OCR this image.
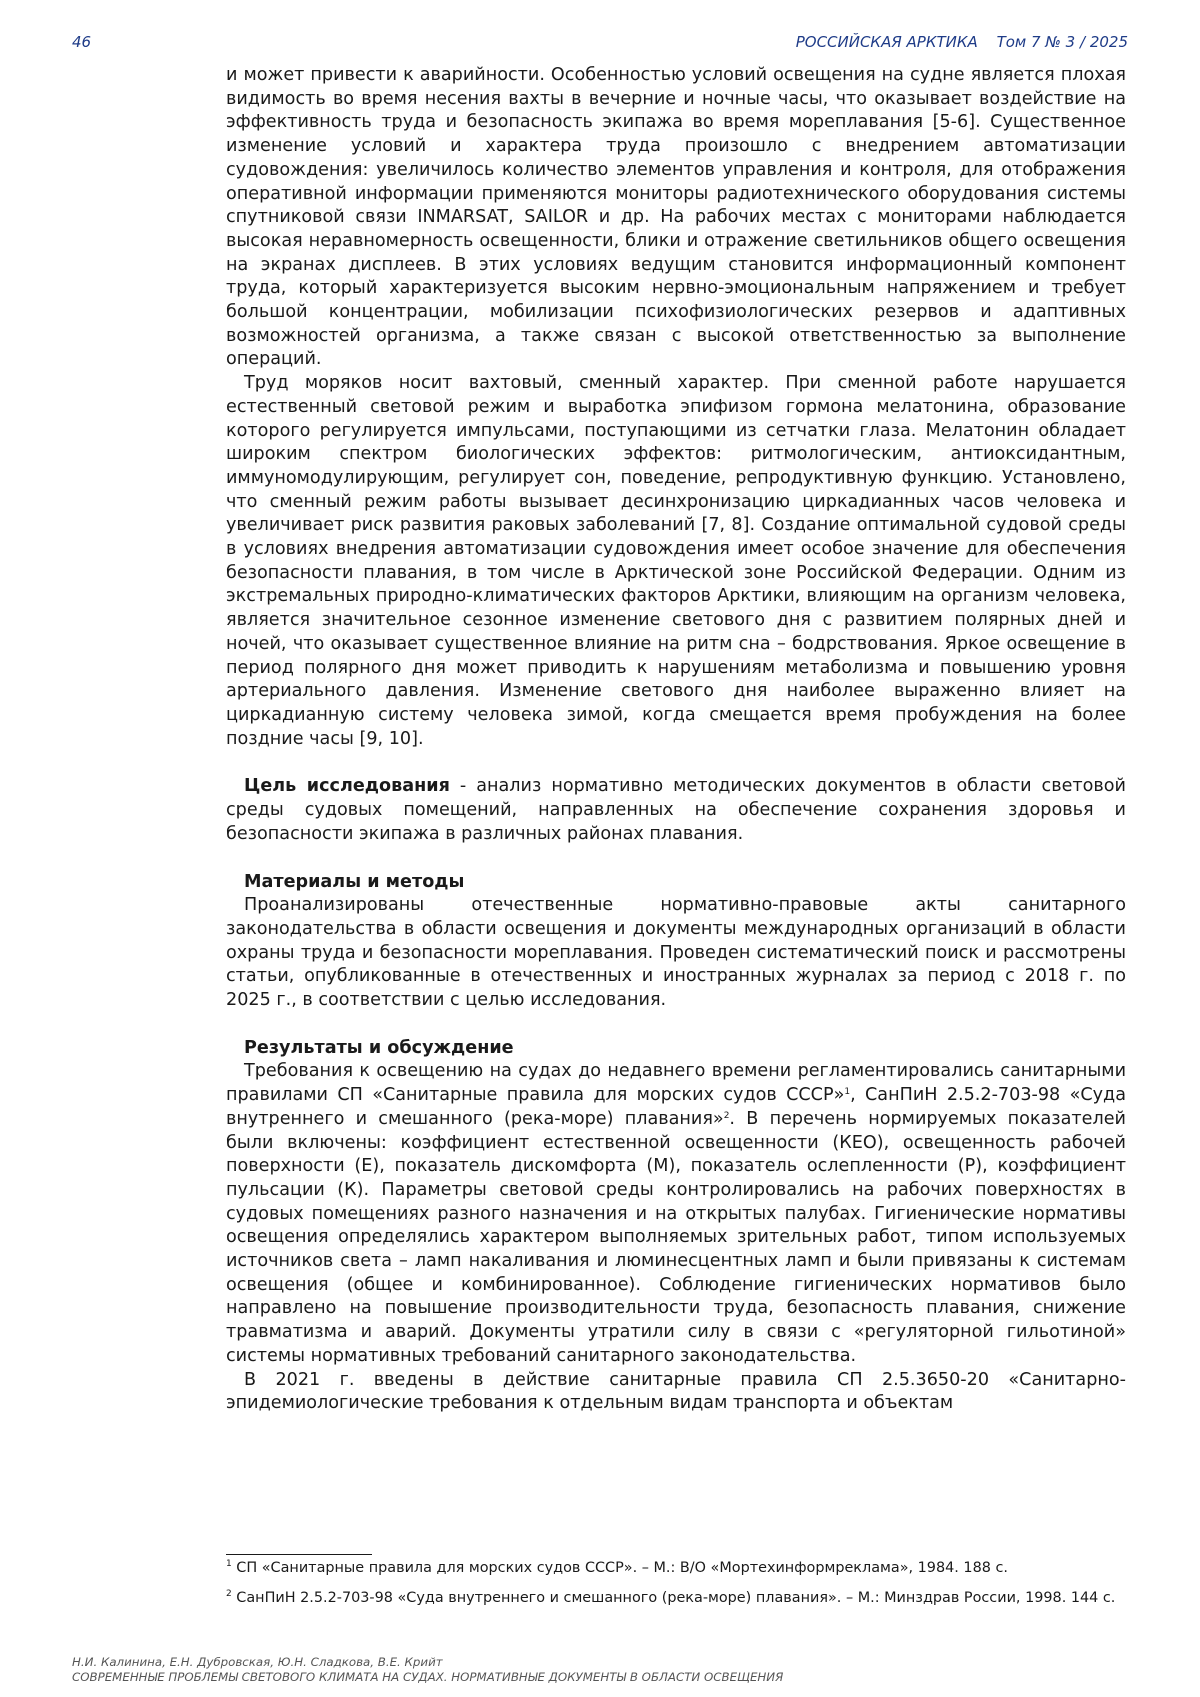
46	РОССИЙСКАЯ АРКТИКА Том 7 № 3 / 2025

и может привести к аварийности. Особенностью условий освещения на судне является плохая видимость во время несения вахты в вечерние и ночные часы, что оказывает воздействие на эффективность труда и безопасность экипажа во время мореплавания [5-6]. Существенное изменение условий и характера труда произошло с внедрением автоматизации судовождения: увеличилось количество элементов управления и контроля, для отображения оперативной информации применяются мониторы радиотехнического оборудования системы спутниковой связи INMARSAT, SAILOR и др. На рабочих местах с мониторами наблюдается высокая неравномерность освещенности, блики и отражение светильников общего освещения на экранах дисплеев. В этих условиях ведущим становится информационный компонент труда, который характеризуется высоким нервно-эмоциональным напряжением и требует большой концентрации, мобилизации психофизиологических резервов и адаптивных возможностей организма, а также связан с высокой ответственностью за выполнение операций.

Труд моряков носит вахтовый, сменный характер. При сменной работе нарушается естественный световой режим и выработка эпифизом гормона мелатонина, образование которого регулируется импульсами, поступающими из сетчатки глаза. Мелатонин обладает широким спектром биологических эффектов: ритмологическим, антиоксидантным, иммуномодулирующим, регулирует сон, поведение, репродуктивную функцию. Установлено, что сменный режим работы вызывает десинхронизацию циркадианных часов человека и увеличивает риск развития раковых заболеваний [7, 8]. Создание оптимальной судовой среды в условиях внедрения автоматизации судовождения имеет особое значение для обеспечения безопасности плавания, в том числе в Арктической зоне Российской Федерации. Одним из экстремальных природно-климатических факторов Арктики, влияющим на организм человека, является значительное сезонное изменение светового дня с развитием полярных дней и ночей, что оказывает существенное влияние на ритм сна – бодрствования. Яркое освещение в период полярного дня может приводить к нарушениям метаболизма и повышению уровня артериального давления. Изменение светового дня наиболее выраженно влияет на циркадианную систему человека зимой, когда смещается время пробуждения на более поздние часы [9, 10].

Цель исследования - анализ нормативно методических документов в области световой среды судовых помещений, направленных на обеспечение сохранения здоровья и безопасности экипажа в различных районах плавания.

Материалы и методы

Проанализированы отечественные нормативно-правовые акты санитарного законодательства в области освещения и документы международных организаций в области охраны труда и безопасности мореплавания. Проведен систематический поиск и рассмотрены статьи, опубликованные в отечественных и иностранных журналах за период с 2018 г. по 2025 г., в соответствии с целью исследования.

Результаты и обсуждение

Требования к освещению на судах до недавнего времени регламентировались санитарными правилами СП «Санитарные правила для морских судов СССР»$^1$, СанПиН 2.5.2-703-98 «Суда внутреннего и смешанного (река-море) плавания»$^2$. В перечень нормируемых показателей были включены: коэффициент естественной освещенности (КЕО), освещенность рабочей поверхности (Е), показатель дискомфорта (М), показатель ослепленности (Р), коэффициент пульсации (К). Параметры световой среды контролировались на рабочих поверхностях в судовых помещениях разного назначения и на открытых палубах. Гигиенические нормативы освещения определялись характером выполняемых зрительных работ, типом используемых источников света – ламп накаливания и люминесцентных ламп и были привязаны к системам освещения (общее и комбинированное). Соблюдение гигиенических нормативов было направлено на повышение производительности труда, безопасность плавания, снижение травматизма и аварий. Документы утратили силу в связи с «регуляторной гильотиной» системы нормативных требований санитарного законодательства.

В 2021 г. введены в действие санитарные правила СП 2.5.3650-20 «Санитарно-эпидемиологические требования к отдельным видам транспорта и объектам

$^1$ СП «Санитарные правила для морских судов СССР». – М.: В/О «Мортехинформреклама», 1984. 188 с.

$^2$ СанПиН 2.5.2-703-98 «Суда внутреннего и смешанного (река-море) плавания». – М.: Минздрав России, 1998. 144 с.

Н.И. Калинина, Е.Н. Дубровская, Ю.Н. Сладкова, В.Е. Крийт
СОВРЕМЕННЫЕ ПРОБЛЕМЫ СВЕТОВОГО КЛИМАТА НА СУДАХ. НОРМАТИВНЫЕ ДОКУМЕНТЫ В ОБЛАСТИ ОСВЕЩЕНИЯ
